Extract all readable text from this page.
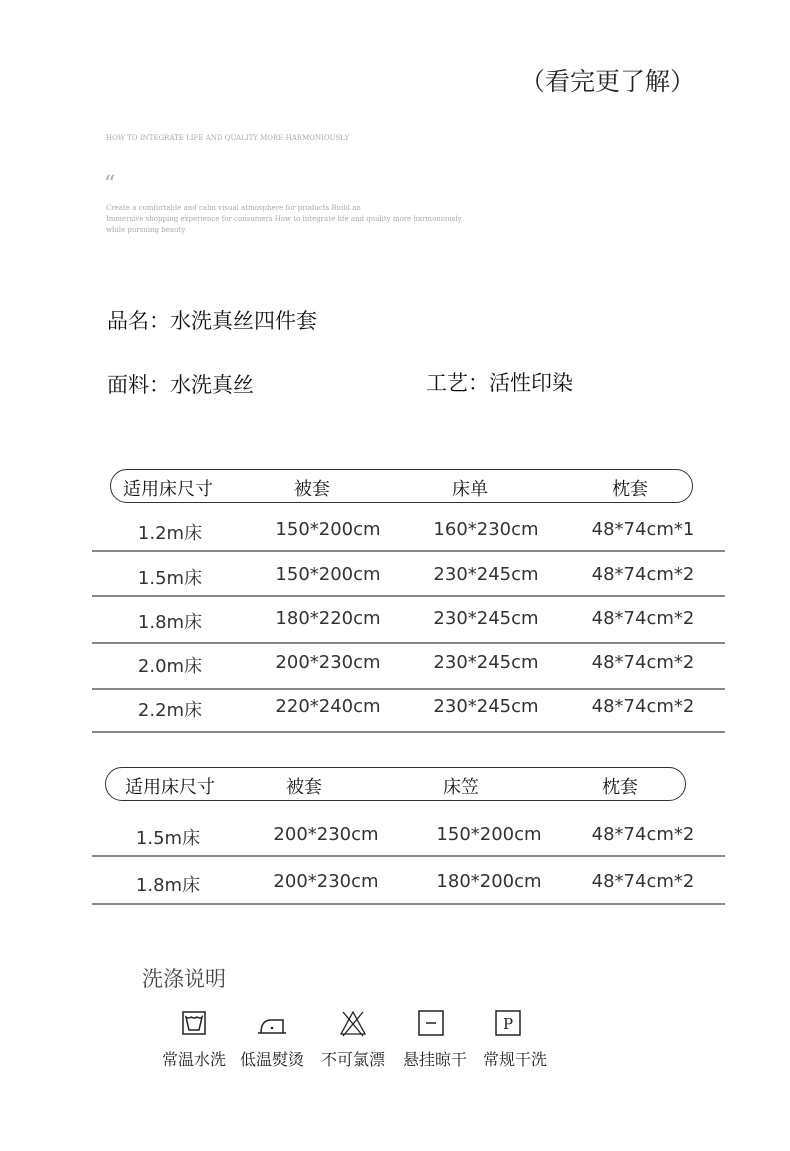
（看完更了解）
HOW TO INTEGRATE LIFE AND QUALITY MORE HARMONIOUSLY
“
Create a comfortable and calm visual atmosphere for products Build an
Immersive shopping experience for consumers How to integrate life and quality more harmoniously
while pursuing beauty
品名：水洗真丝四件套
面料：水洗真丝	工艺：活性印染
适用床尺寸	被套	床单	枕套
1.2m床	150*200cm	160*230cm	48*74cm*1
1.5m床	150*200cm	230*245cm	48*74cm*2
1.8m床	180*220cm	230*245cm	48*74cm*2
2.0m床	200*230cm	230*245cm	48*74cm*2
2.2m床	220*240cm	230*245cm	48*74cm*2
适用床尺寸	被套	床笠	枕套
1.5m床	200*230cm	150*200cm	48*74cm*2
1.8m床	200*230cm	180*200cm	48*74cm*2
洗涤说明
P
常温水洗 低温熨烫 不可氯漂 悬挂晾干 常规干洗
